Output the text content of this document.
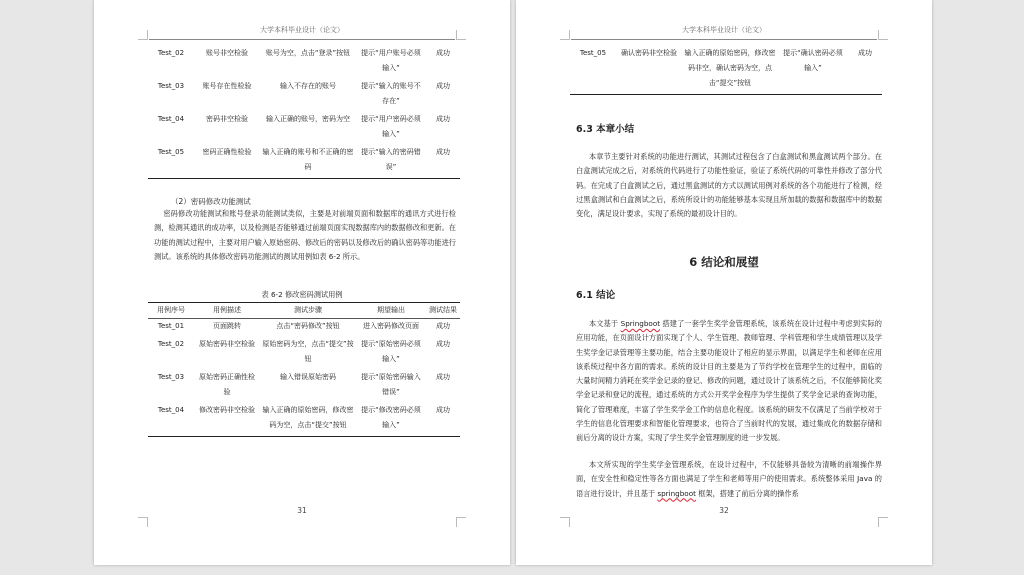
大学本科毕业设计（论文）
Test_02	账号非空检验	账号为空，点击“登录”按钮	提示“用户账号必须输入”	成功
Test_03	账号存在性检验	输入不存在的账号	提示“输入的账号不存在”	成功
Test_04	密码非空检验	输入正确的账号，密码为空	提示“用户密码必须输入”	成功
Test_05	密码正确性检验	输入正确的账号和不正确的密码	提示“输入的密码错误”	成功
（2）密码修改功能测试

密码修改功能测试和账号登录功能测试类似，主要是对前端页面和数据库的通讯方式进行检测，检测其通讯的成功率，以及检测是否能够通过前端页面实现数据库内的数据修改和更新。在功能的测试过程中，主要对用户输入原始密码、修改后的密码以及修改后的确认密码等功能进行测试。该系统的具体修改密码功能测试的测试用例如表 6-2 所示。

表 6-2 修改密码测试用例
用例序号	用例描述	测试步骤	期望输出	测试结果
Test_01	页面跳转	点击“密码修改”按钮	进入密码修改页面	成功
Test_02	原始密码非空检验	原始密码为空，点击“提交”按钮	提示“原始密码必须输入”	成功
Test_03	原始密码正确性检验	输入错误原始密码	提示“原始密码输入错误”	成功
Test_04	修改密码非空检验	输入正确的原始密码，修改密码为空，点击“提交”按钮	提示“修改密码必须输入”	成功
31
大学本科毕业设计（论文）
Test_05	确认密码非空检验	输入正确的原始密码，修改密码非空，确认密码为空，点击“提交”按钮	提示“确认密码必须输入”	成功
6.3 本章小结

本章节主要针对系统的功能进行测试，其测试过程包含了白盒测试和黑盒测试两个部分。在白盒测试完成之后，对系统的代码进行了功能性验证，验证了系统代码的可靠性并修改了部分代码。在完成了白盒测试之后，通过黑盒测试的方式以测试用例对系统的各个功能进行了检测，经过黑盒测试和白盒测试之后，系统所设计的功能能够基本实现且所加载的数据和数据库中的数据变化，满足设计要求，实现了系统的最初设计目的。

6 结论和展望
6.1 结论

本文基于 Springboot 搭建了一套学生奖学金管理系统，该系统在设计过程中考虑到实际的应用功能，在页面设计方面实现了个人、学生管理、教师管理、学科管理和学生成绩管理以及学生奖学金记录管理等主要功能，结合主要功能设计了相应的显示界面，以满足学生和老师在应用该系统过程中各方面的需求。系统的设计目的主要是为了节约学校在管理学生的过程中，面临的大量时间精力消耗在奖学金记录的登记、修改的问题，通过设计了该系统之后，不仅能够简化奖学金记录和登记的流程，通过系统的方式公开奖学金程序为学生提供了奖学金记录的查询功能，简化了管理难度，丰富了学生奖学金工作的信息化程度。该系统的研发不仅满足了当前学校对于学生的信息化管理要求和智能化管理要求，也符合了当前时代的发展，通过集成化的数据存储和前后分离的设计方案，实现了学生奖学金管理制度的进一步发展。

本文所实现的学生奖学金管理系统，在设计过程中，不仅能够具备较为清晰的前端操作界面，在安全性和稳定性等各方面也满足了学生和老师等用户的使用需求。系统整体采用 Java 的语言进行设计，并且基于 springboot 框架，搭建了前后分离的操作系

32
